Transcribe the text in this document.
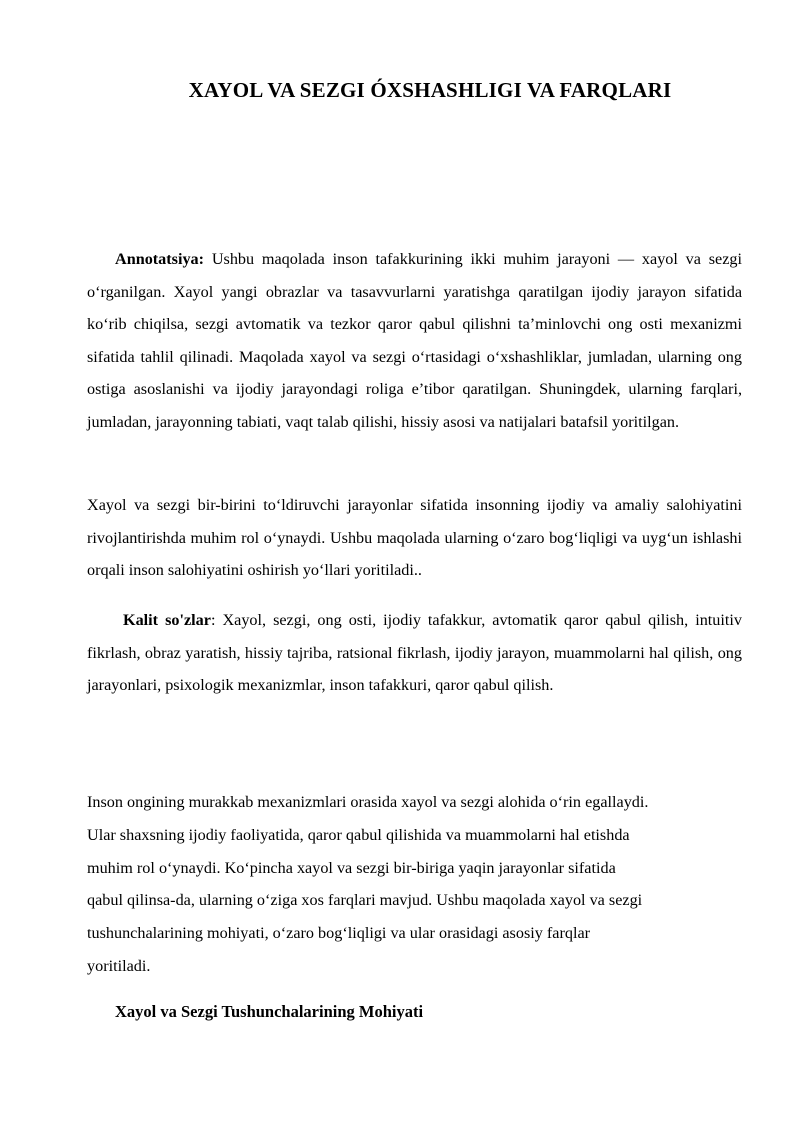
XAYOL VA SEZGI ÓXSHASHLIGI VA FARQLARI

Annotatsiya: Ushbu maqolada inson tafakkurining ikki muhim jarayoni — xayol va sezgi o‘rganilgan. Xayol yangi obrazlar va tasavvurlarni yaratishga qaratilgan ijodiy jarayon sifatida ko‘rib chiqilsa, sezgi avtomatik va tezkor qaror qabul qilishni ta’minlovchi ong osti mexanizmi sifatida tahlil qilinadi. Maqolada xayol va sezgi o‘rtasidagi o‘xshashliklar, jumladan, ularning ong ostiga asoslanishi va ijodiy jarayondagi roliga e’tibor qaratilgan. Shuningdek, ularning farqlari, jumladan, jarayonning tabiati, vaqt talab qilishi, hissiy asosi va natijalari batafsil yoritilgan.

Xayol va sezgi bir-birini to‘ldiruvchi jarayonlar sifatida insonning ijodiy va amaliy salohiyatini rivojlantirishda muhim rol o‘ynaydi. Ushbu maqolada ularning o‘zaro bog‘liqligi va uyg‘un ishlashi orqali inson salohiyatini oshirish yo‘llari yoritiladi..

Kalit so'zlar: Xayol, sezgi, ong osti, ijodiy tafakkur, avtomatik qaror qabul qilish, intuitiv fikrlash, obraz yaratish, hissiy tajriba, ratsional fikrlash, ijodiy jarayon, muammolarni hal qilish, ong jarayonlari, psixologik mexanizmlar, inson tafakkuri, qaror qabul qilish.

Inson ongining murakkab mexanizmlari orasida xayol va sezgi alohida o‘rin egallaydi.
Ular shaxsning ijodiy faoliyatida, qaror qabul qilishida va muammolarni hal etishda
muhim rol o‘ynaydi. Ko‘pincha xayol va sezgi bir-biriga yaqin jarayonlar sifatida
qabul qilinsa-da, ularning o‘ziga xos farqlari mavjud. Ushbu maqolada xayol va sezgi
tushunchalarining mohiyati, o‘zaro bog‘liqligi va ular orasidagi asosiy farqlar
yoritiladi.
Xayol va Sezgi Tushunchalarining Mohiyati
